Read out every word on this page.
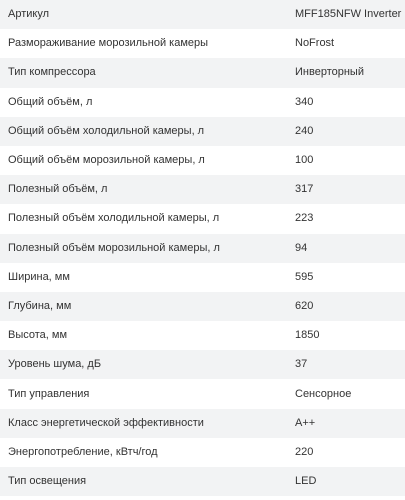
Артикул	MFF185NFW Inverter
Размораживание морозильной камеры	NoFrost
Тип компрессора	Инверторный
Общий объём, л	340
Общий объём холодильной камеры, л	240
Общий объём морозильной камеры, л	100
Полезный объём, л	317
Полезный объём холодильной камеры, л	223
Полезный объём морозильной камеры, л	94
Ширина, мм	595
Глубина, мм	620
Высота, мм	1850
Уровень шума, дБ	37
Тип управления	Сенсорное
Класс энергетической эффективности	A++
Энергопотребление, кВтч/год	220
Тип освещения	LED
